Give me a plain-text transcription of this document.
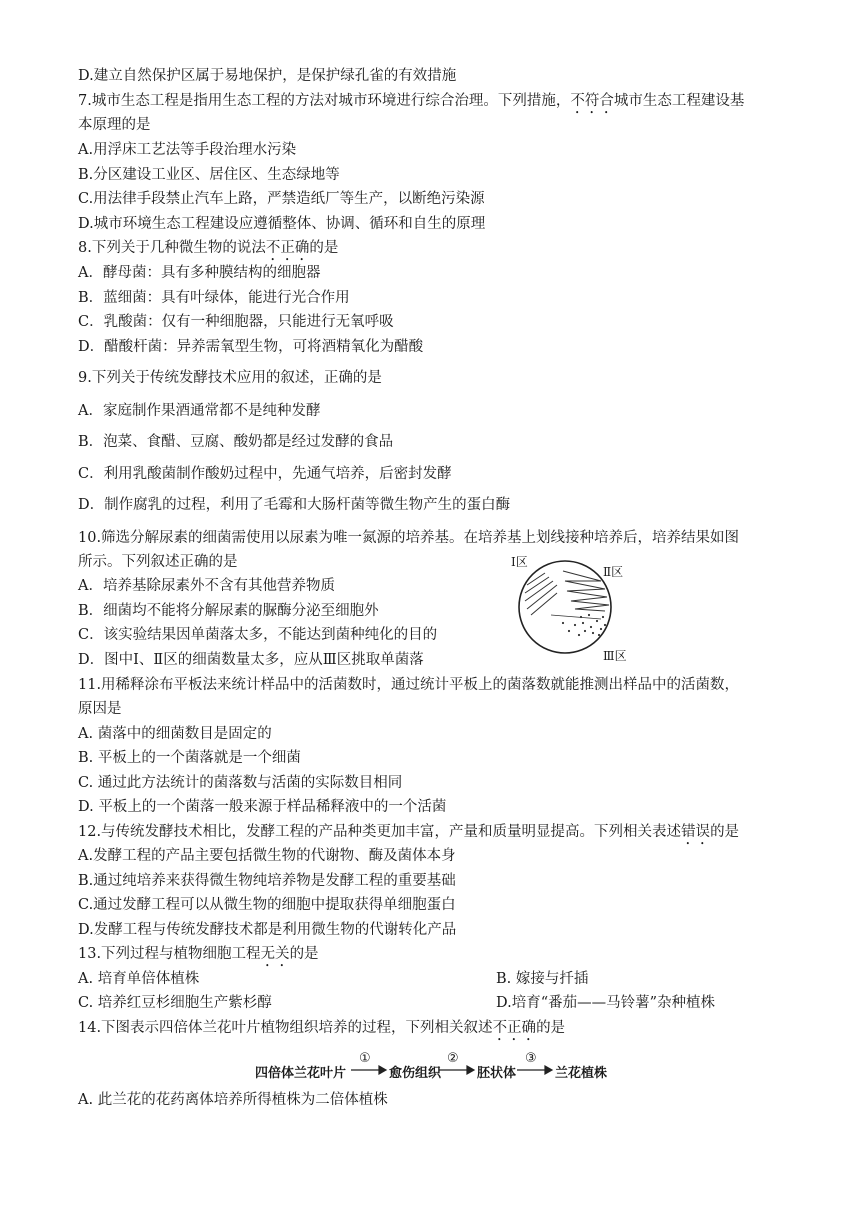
D.建立自然保护区属于易地保护，是保护绿孔雀的有效措施
7.城市生态工程是指用生态工程的方法对城市环境进行综合治理。下列措施，不符合城市生态工程建设基
本原理的是
A.用浮床工艺法等手段治理水污染
B.分区建设工业区、居住区、生态绿地等
C.用法律手段禁止汽车上路，严禁造纸厂等生产，以断绝污染源
D.城市环境生态工程建设应遵循整体、协调、循环和自生的原理
8.下列关于几种微生物的说法不正确的是
A．酵母菌：具有多种膜结构的细胞器
B．蓝细菌：具有叶绿体，能进行光合作用
C．乳酸菌：仅有一种细胞器，只能进行无氧呼吸
D．醋酸杆菌：异养需氧型生物，可将酒精氧化为醋酸
9.下列关于传统发酵技术应用的叙述，正确的是
A．家庭制作果酒通常都不是纯种发酵
B．泡菜、食醋、豆腐、酸奶都是经过发酵的食品
C．利用乳酸菌制作酸奶过程中，先通气培养，后密封发酵
D．制作腐乳的过程，利用了毛霉和大肠杆菌等微生物产生的蛋白酶
10.筛选分解尿素的细菌需使用以尿素为唯一氮源的培养基。在培养基上划线接种培养后，培养结果如图
所示。下列叙述正确的是
A．培养基除尿素外不含有其他营养物质
B．细菌均不能将分解尿素的脲酶分泌至细胞外
C．该实验结果因单菌落太多，不能达到菌种纯化的目的
D．图中Ⅰ、Ⅱ区的细菌数量太多，应从Ⅲ区挑取单菌落
Ⅰ区
Ⅱ区
Ⅲ区
11.用稀释涂布平板法来统计样品中的活菌数时，通过统计平板上的菌落数就能推测出样品中的活菌数，
原因是
A. 菌落中的细菌数目是固定的
B. 平板上的一个菌落就是一个细菌
C. 通过此方法统计的菌落数与活菌的实际数目相同
D. 平板上的一个菌落一般来源于样品稀释液中的一个活菌
12.与传统发酵技术相比，发酵工程的产品种类更加丰富，产量和质量明显提高。下列相关表述错误的是
A.发酵工程的产品主要包括微生物的代谢物、酶及菌体本身
B.通过纯培养来获得微生物纯培养物是发酵工程的重要基础
C.通过发酵工程可以从微生物的细胞中提取获得单细胞蛋白
D.发酵工程与传统发酵技术都是利用微生物的代谢转化产品
13.下列过程与植物细胞工程无关的是
A. 培育单倍体植株	B. 嫁接与扦插
C. 培养红豆杉细胞生产紫杉醇	D.培育“番茄——马铃薯”杂种植株
14.下图表示四倍体兰花叶片植物组织培养的过程，下列相关叙述不正确的是
四倍体兰花叶片
①
愈伤组织
②
胚状体
③
兰花植株
A. 此兰花的花药离体培养所得植株为二倍体植株
